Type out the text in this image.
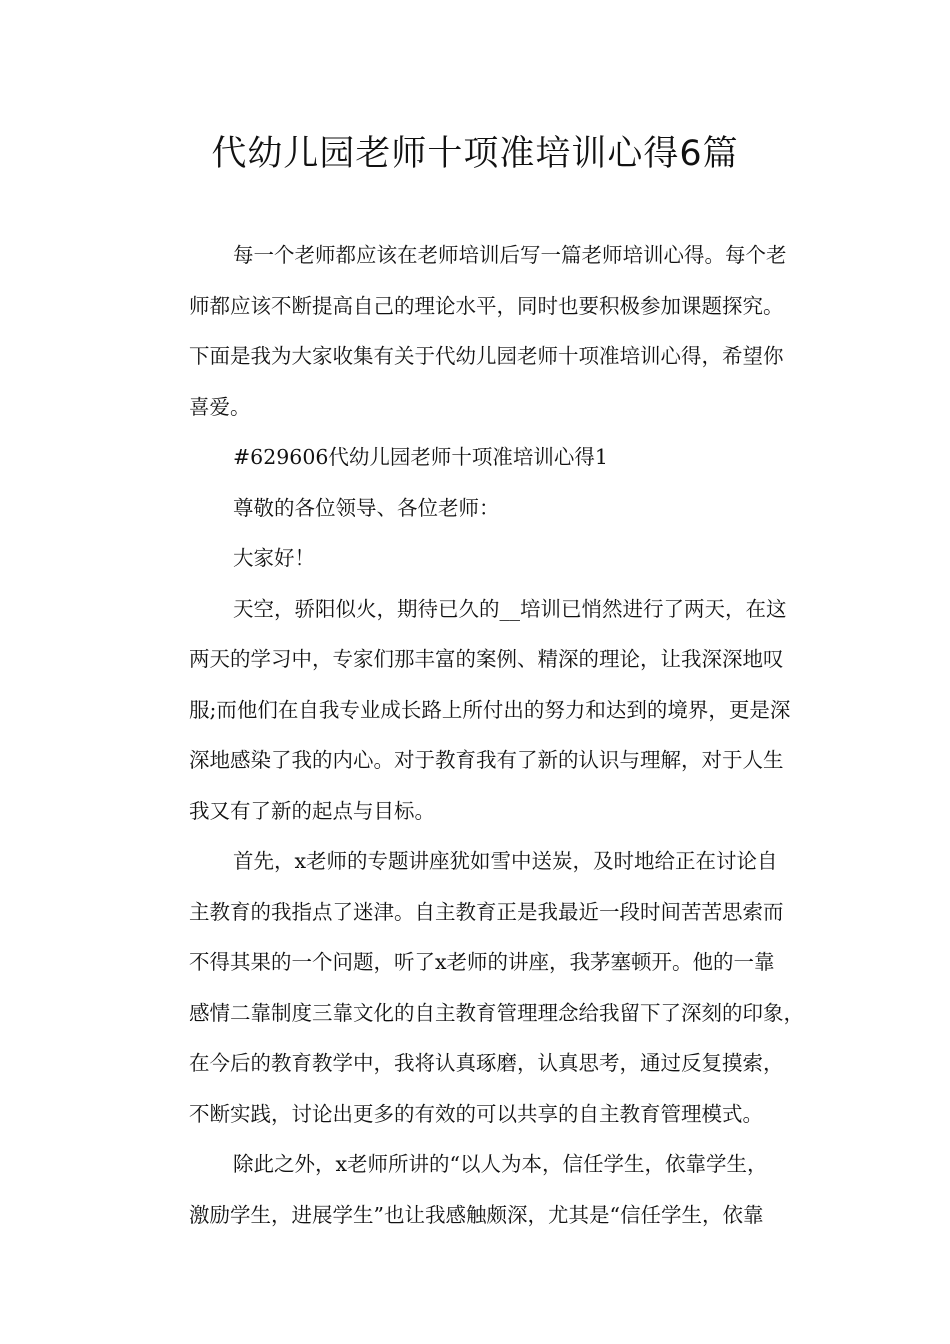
代幼儿园老师十项准培训心得6篇

每一个老师都应该在老师培训后写一篇老师培训心得。每个老
师都应该不断提高自己的理论水平，同时也要积极参加课题探究。
下面是我为大家收集有关于代幼儿园老师十项准培训心得，希望你
喜爱。

#629606代幼儿园老师十项准培训心得1

尊敬的各位领导、各位老师：

大家好！

天空，骄阳似火，期待已久的__培训已悄然进行了两天，在这
两天的学习中，专家们那丰富的案例、精深的理论，让我深深地叹
服;而他们在自我专业成长路上所付出的努力和达到的境界，更是深
深地感染了我的内心。对于教育我有了新的认识与理解，对于人生
我又有了新的起点与目标。

首先，x老师的专题讲座犹如雪中送炭，及时地给正在讨论自
主教育的我指点了迷津。自主教育正是我最近一段时间苦苦思索而
不得其果的一个问题，听了x老师的讲座，我茅塞顿开。他的一靠
感情二靠制度三靠文化的自主教育管理理念给我留下了深刻的印象，
在今后的教育教学中，我将认真琢磨，认真思考，通过反复摸索，
不断实践，讨论出更多的有效的可以共享的自主教育管理模式。

除此之外，x老师所讲的“以人为本，信任学生，依靠学生，
激励学生，进展学生”也让我感触颇深，尤其是“信任学生，依靠
